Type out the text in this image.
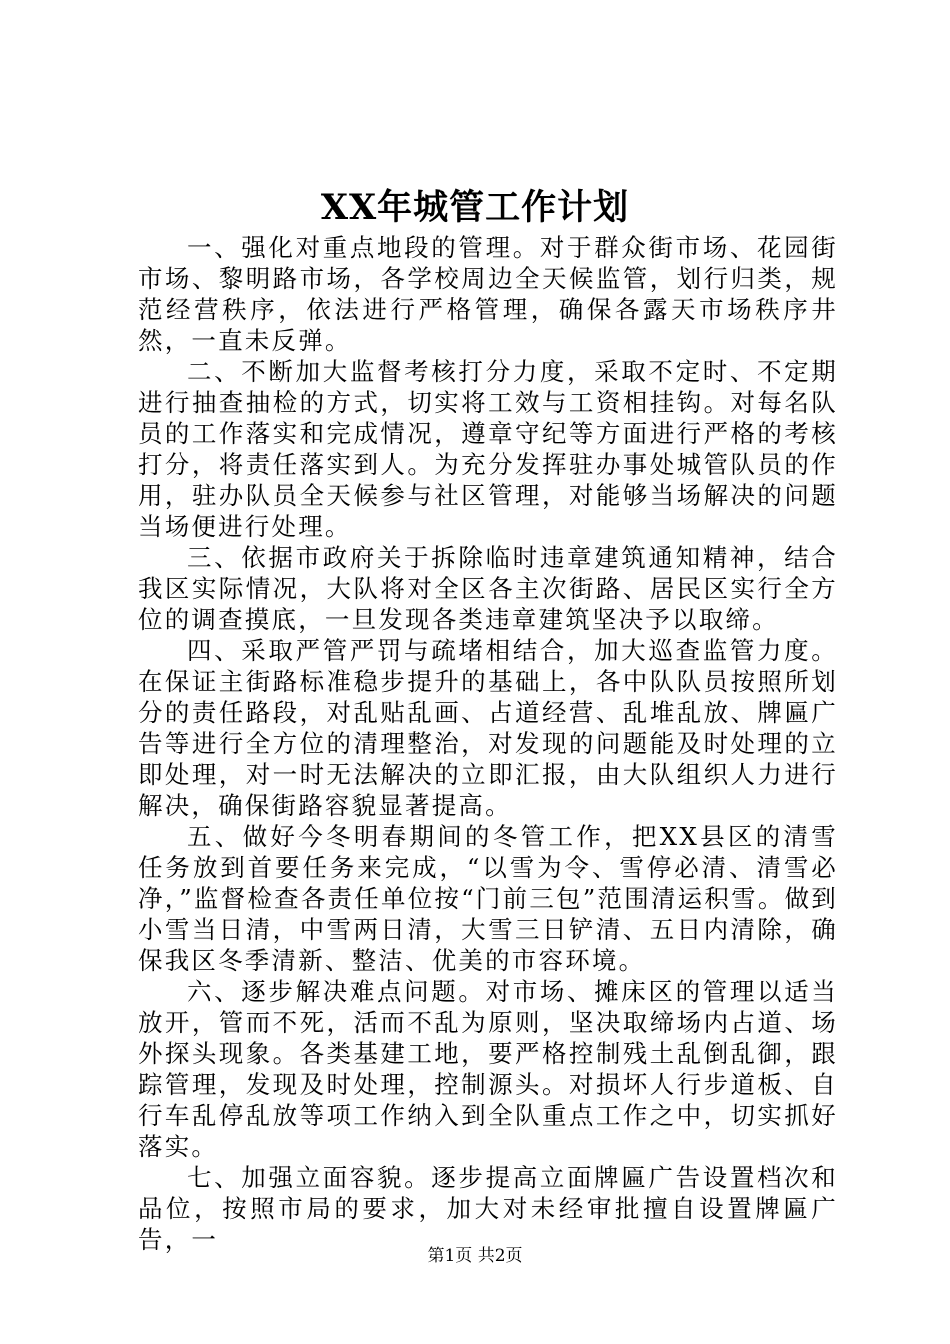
XX年城管工作计划

一、强化对重点地段的管理。对于群众街市场、花园街市场、黎明路市场，各学校周边全天候监管，划行归类，规范经营秩序，依法进行严格管理，确保各露天市场秩序井然，一直未反弹。

二、不断加大监督考核打分力度，采取不定时、不定期进行抽查抽检的方式，切实将工效与工资相挂钩。对每名队员的工作落实和完成情况，遵章守纪等方面进行严格的考核打分，将责任落实到人。为充分发挥驻办事处城管队员的作用，驻办队员全天候参与社区管理，对能够当场解决的问题当场便进行处理。

三、依据市政府关于拆除临时违章建筑通知精神，结合我区实际情况，大队将对全区各主次街路、居民区实行全方位的调查摸底，一旦发现各类违章建筑坚决予以取缔。

四、采取严管严罚与疏堵相结合，加大巡查监管力度。在保证主街路标准稳步提升的基础上，各中队队员按照所划分的责任路段，对乱贴乱画、占道经营、乱堆乱放、牌匾广告等进行全方位的清理整治，对发现的问题能及时处理的立即处理，对一时无法解决的立即汇报，由大队组织人力进行解决，确保街路容貌显著提高。

五、做好今冬明春期间的冬管工作，把XX县区的清雪任务放到首要任务来完成，“以雪为令、雪停必清、清雪必净，”监督检查各责任单位按“门前三包”范围清运积雪。做到小雪当日清，中雪两日清，大雪三日铲清、五日内清除，确保我区冬季清新、整洁、优美的市容环境。

六、逐步解决难点问题。对市场、摊床区的管理以适当放开，管而不死，活而不乱为原则，坚决取缔场内占道、场外探头现象。各类基建工地，要严格控制残土乱倒乱御，跟踪管理，发现及时处理，控制源头。对损坏人行步道板、自行车乱停乱放等项工作纳入到全队重点工作之中，切实抓好落实。

七、加强立面容貌。逐步提高立面牌匾广告设置档次和品位，按照市局的要求，加大对未经审批擅自设置牌匾广告，一

第1页 共2页
